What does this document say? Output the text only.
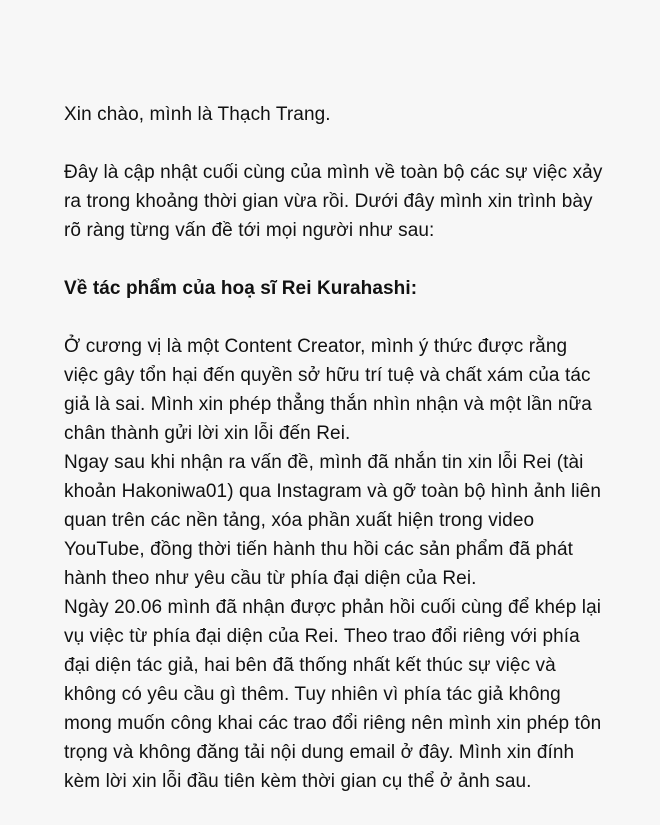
Xin chào, mình là Thạch Trang.

Đây là cập nhật cuối cùng của mình về toàn bộ các sự việc xảy ra trong khoảng thời gian vừa rồi. Dưới đây mình xin trình bày rõ ràng từng vấn đề tới mọi người như sau:

Về tác phẩm của hoạ sĩ Rei Kurahashi:

Ở cương vị là một Content Creator, mình ý thức được rằng việc gây tổn hại đến quyền sở hữu trí tuệ và chất xám của tác giả là sai. Mình xin phép thẳng thắn nhìn nhận và một lần nữa chân thành gửi lời xin lỗi đến Rei.

Ngay sau khi nhận ra vấn đề, mình đã nhắn tin xin lỗi Rei (tài khoản Hakoniwa01) qua Instagram và gỡ toàn bộ hình ảnh liên quan trên các nền tảng, xóa phần xuất hiện trong video YouTube, đồng thời tiến hành thu hồi các sản phẩm đã phát hành theo như yêu cầu từ phía đại diện của Rei.

Ngày 20.06 mình đã nhận được phản hồi cuối cùng để khép lại vụ việc từ phía đại diện của Rei. Theo trao đổi riêng với phía đại diện tác giả, hai bên đã thống nhất kết thúc sự việc và không có yêu cầu gì thêm. Tuy nhiên vì phía tác giả không mong muốn công khai các trao đổi riêng nên mình xin phép tôn trọng và không đăng tải nội dung email ở đây. Mình xin đính kèm lời xin lỗi đầu tiên kèm thời gian cụ thể ở ảnh sau.
